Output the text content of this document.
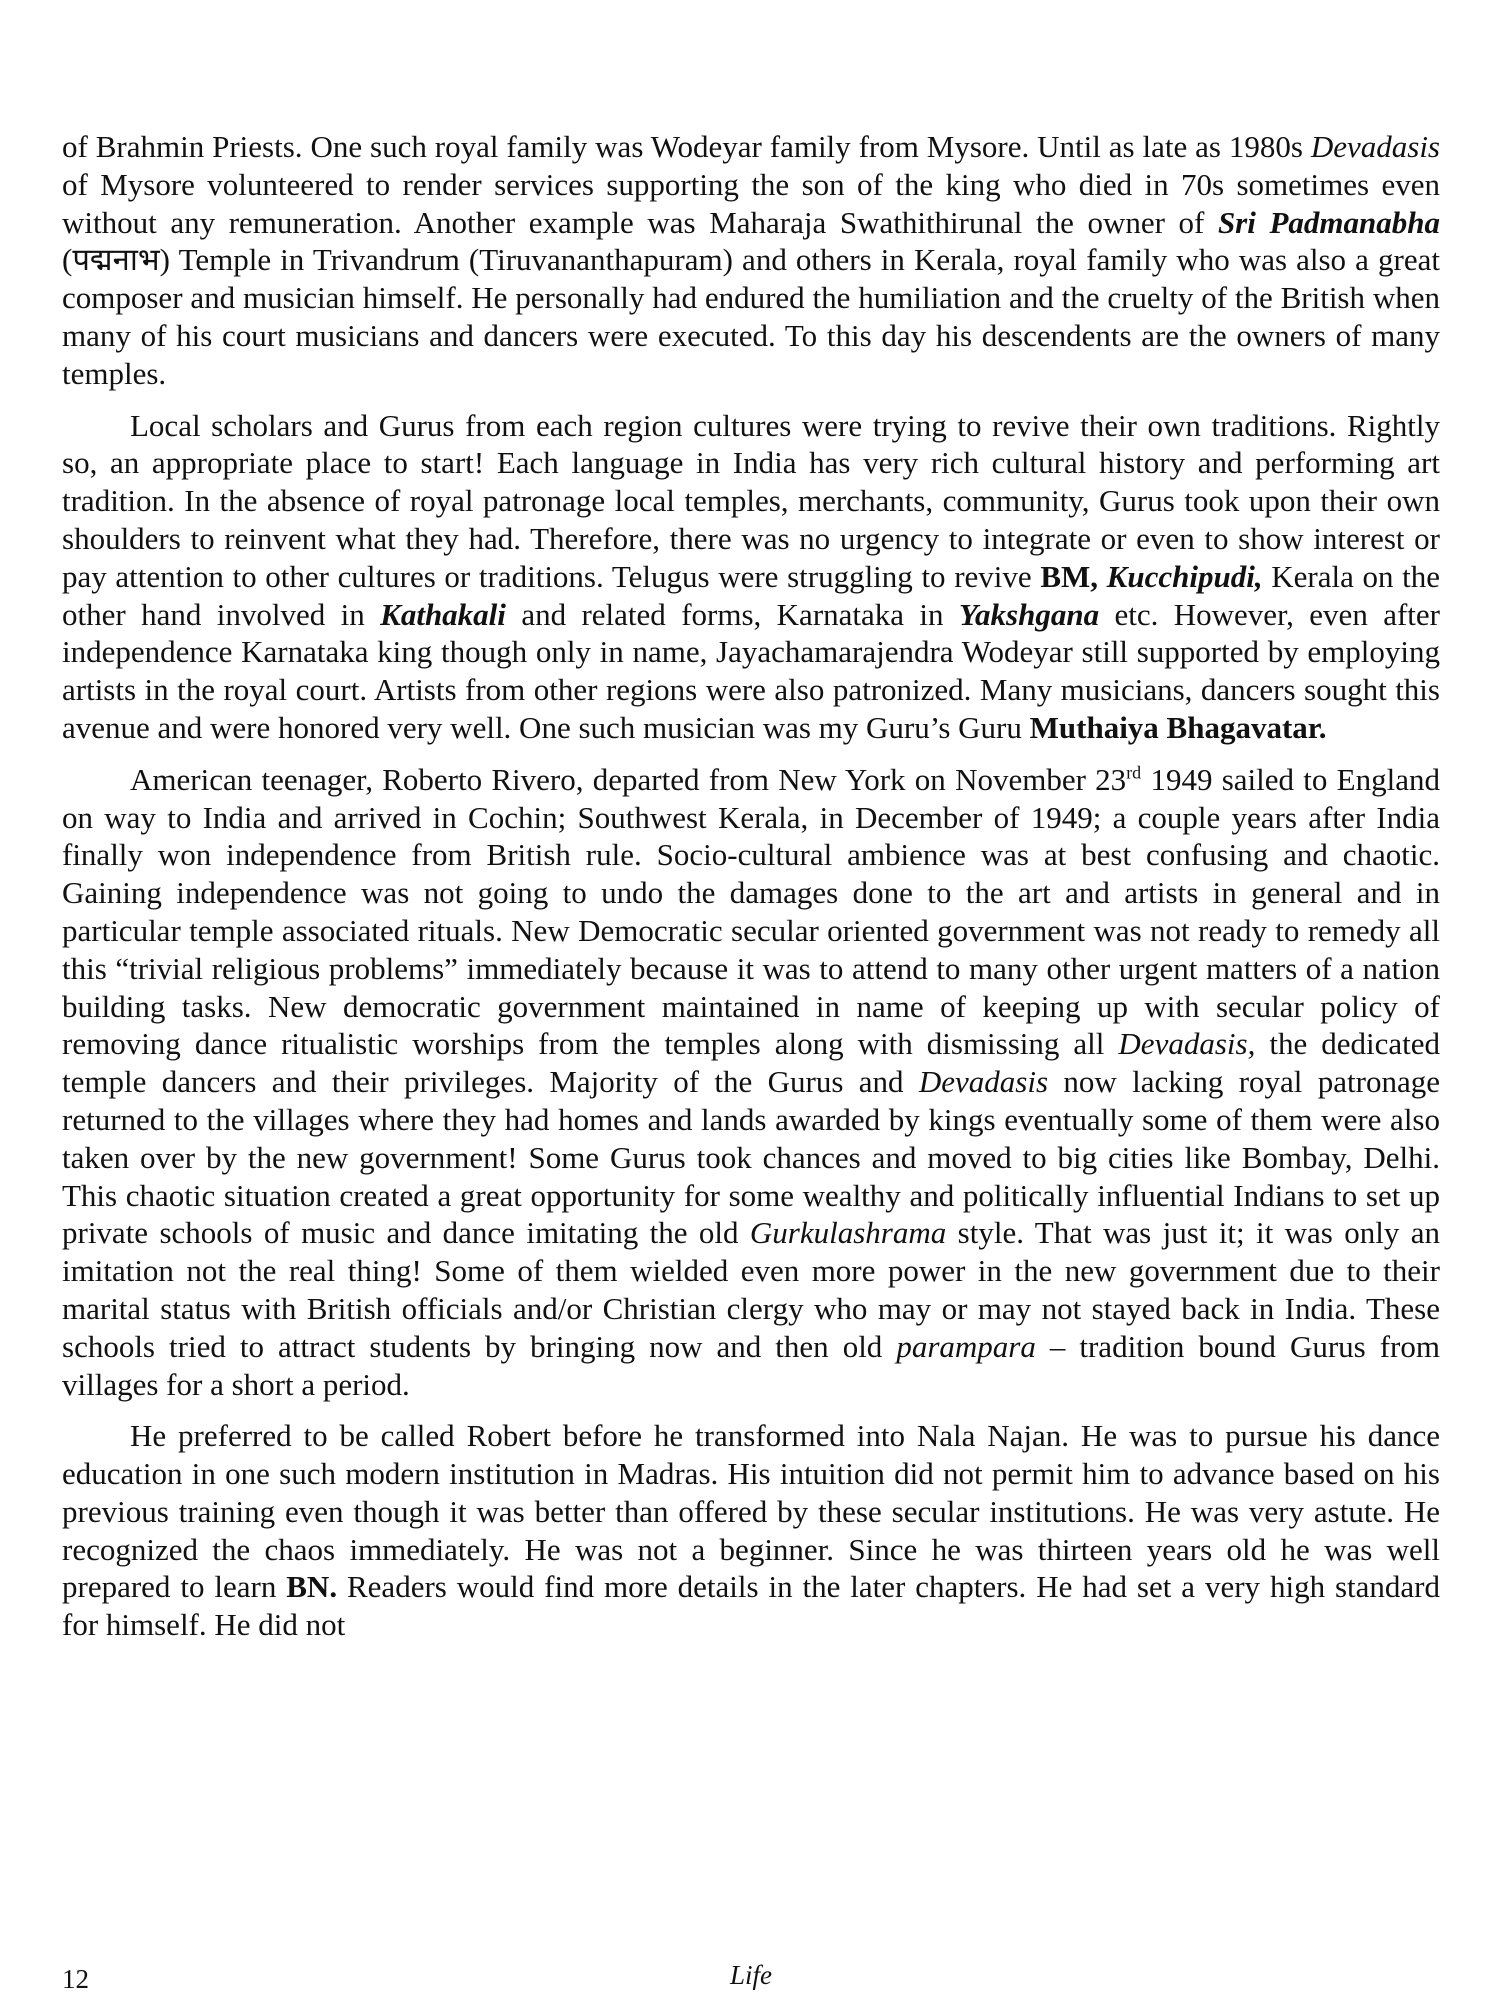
of Brahmin Priests. One such royal family was Wodeyar family from Mysore. Until as late as 1980s Devadasis of Mysore volunteered to render services supporting the son of the king who died in 70s sometimes even without any remuneration. Another example was Maharaja Swathithirunal the owner of Sri Padmanabha (पद्मनाभ) Temple in Trivandrum (Tiruvananthapuram) and others in Kerala, royal family who was also a great composer and musician himself. He personally had endured the humiliation and the cruelty of the British when many of his court musicians and dancers were executed. To this day his descendents are the owners of many temples.

Local scholars and Gurus from each region cultures were trying to revive their own traditions. Rightly so, an appropriate place to start! Each language in India has very rich cultural history and performing art tradition. In the absence of royal patronage local temples, merchants, community, Gurus took upon their own shoulders to reinvent what they had. Therefore, there was no urgency to integrate or even to show interest or pay attention to other cultures or traditions. Telugus were struggling to revive BM, Kucchipudi, Kerala on the other hand involved in Kathakali and related forms, Karnataka in Yakshgana etc. However, even after independence Karnataka king though only in name, Jayachamarajendra Wodeyar still supported by employing artists in the royal court. Artists from other regions were also patronized. Many musicians, dancers sought this avenue and were honored very well. One such musician was my Guru’s Guru Muthaiya Bhagavatar.

American teenager, Roberto Rivero, departed from New York on November 23rd 1949 sailed to England on way to India and arrived in Cochin; Southwest Kerala, in December of 1949; a couple years after India finally won independence from British rule. Socio-cultural ambience was at best confusing and chaotic. Gaining independence was not going to undo the damages done to the art and artists in general and in particular temple associated rituals. New Democratic secular oriented government was not ready to remedy all this “trivial religious problems” immediately because it was to attend to many other urgent matters of a nation building tasks. New democratic government maintained in name of keeping up with secular policy of removing dance ritualistic worships from the temples along with dismissing all Devadasis, the dedicated temple dancers and their privileges. Majority of the Gurus and Devadasis now lacking royal patronage returned to the villages where they had homes and lands awarded by kings eventually some of them were also taken over by the new government! Some Gurus took chances and moved to big cities like Bombay, Delhi. This chaotic situation created a great opportunity for some wealthy and politically influential Indians to set up private schools of music and dance imitating the old Gurkulashrama style. That was just it; it was only an imitation not the real thing! Some of them wielded even more power in the new government due to their marital status with British officials and/or Christian clergy who may or may not stayed back in India. These schools tried to attract students by bringing now and then old parampara – tradition bound Gurus from villages for a short a period.

He preferred to be called Robert before he transformed into Nala Najan. He was to pursue his dance education in one such modern institution in Madras. His intuition did not permit him to advance based on his previous training even though it was better than offered by these secular institutions. He was very astute. He recognized the chaos immediately. He was not a beginner. Since he was thirteen years old he was well prepared to learn BN. Readers would find more details in the later chapters. He had set a very high standard for himself. He did not

12	Life
